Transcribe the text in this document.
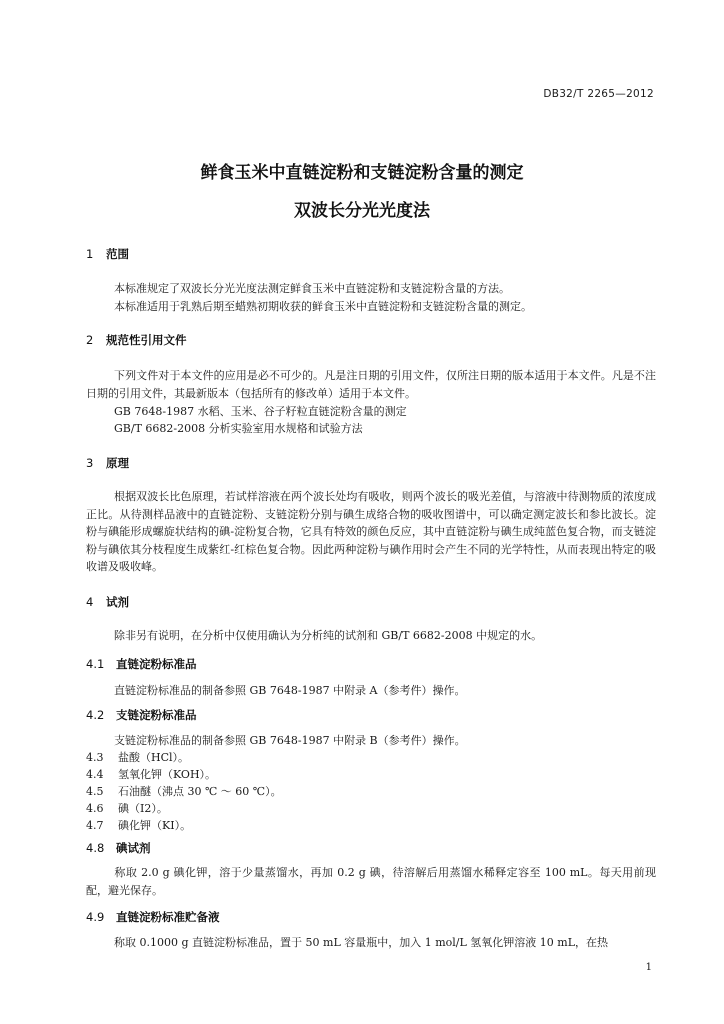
DB32/T 2265—2012
鲜食玉米中直链淀粉和支链淀粉含量的测定
双波长分光光度法
1 范围
本标准规定了双波长分光光度法测定鲜食玉米中直链淀粉和支链淀粉含量的方法。
本标准适用于乳熟后期至蜡熟初期收获的鲜食玉米中直链淀粉和支链淀粉含量的测定。
2 规范性引用文件
下列文件对于本文件的应用是必不可少的。凡是注日期的引用文件，仅所注日期的版本适用于本文件。凡是不注日期的引用文件，其最新版本（包括所有的修改单）适用于本文件。
GB 7648-1987 水稻、玉米、谷子籽粒直链淀粉含量的测定
GB/T 6682-2008 分析实验室用水规格和试验方法
3 原理
根据双波长比色原理，若试样溶液在两个波长处均有吸收，则两个波长的吸光差值，与溶液中待测物质的浓度成正比。从待测样品液中的直链淀粉、支链淀粉分别与碘生成络合物的吸收图谱中，可以确定测定波长和参比波长。淀粉与碘能形成螺旋状结构的碘-淀粉复合物，它具有特效的颜色反应，其中直链淀粉与碘生成纯蓝色复合物，而支链淀粉与碘依其分枝程度生成紫红-红棕色复合物。因此两种淀粉与碘作用时会产生不同的光学特性，从而表现出特定的吸收谱及吸收峰。
4 试剂
除非另有说明，在分析中仅使用确认为分析纯的试剂和 GB/T 6682-2008 中规定的水。
4.1 直链淀粉标准品
直链淀粉标准品的制备参照 GB 7648-1987 中附录 A（参考件）操作。
4.2 支链淀粉标准品
支链淀粉标准品的制备参照 GB 7648-1987 中附录 B（参考件）操作。
4.3 盐酸（HCl）。
4.4 氢氧化钾（KOH）。
4.5 石油醚（沸点 30 ℃ ～ 60 ℃）。
4.6 碘（I2）。
4.7 碘化钾（KI）。
4.8 碘试剂
称取 2.0 g 碘化钾，溶于少量蒸馏水，再加 0.2 g 碘，待溶解后用蒸馏水稀释定容至 100 mL。每天用前现配，避光保存。
4.9 直链淀粉标准贮备液
称取 0.1000 g 直链淀粉标准品，置于 50 mL 容量瓶中，加入 1 mol/L 氢氧化钾溶液 10 mL，在热
1
